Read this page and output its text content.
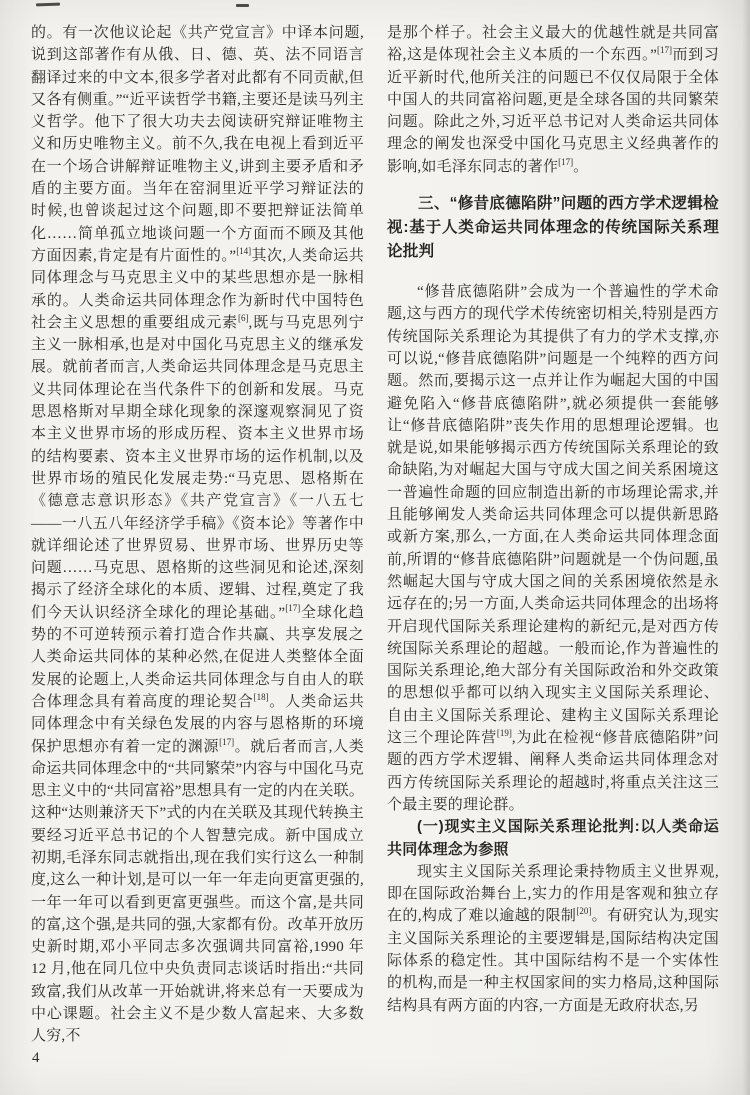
的。有一次他议论起《共产党宣言》中译本问题,说到这部著作有从俄、日、德、英、法不同语言翻译过来的中文本,很多学者对此都有不同贡献,但又各有侧重。”“近平读哲学书籍,主要还是读马列主义哲学。他下了很大功夫去阅读研究辩证唯物主义和历史唯物主义。前不久,我在电视上看到近平在一个场合讲解辩证唯物主义,讲到主要矛盾和矛盾的主要方面。当年在窑洞里近平学习辩证法的时候,也曾谈起过这个问题,即不要把辩证法简单化……简单孤立地谈问题一个方面而不顾及其他方面因素,肯定是有片面性的。”[14]其次,人类命运共同体理念与马克思主义中的某些思想亦是一脉相承的。人类命运共同体理念作为新时代中国特色社会主义思想的重要组成元素[6],既与马克思列宁主义一脉相承,也是对中国化马克思主义的继承发展。就前者而言,人类命运共同体理念是马克思主义共同体理论在当代条件下的创新和发展。马克思恩格斯对早期全球化现象的深邃观察洞见了资本主义世界市场的形成历程、资本主义世界市场的结构要素、资本主义世界市场的运作机制,以及世界市场的殖民化发展走势:“马克思、恩格斯在《德意志意识形态》《共产党宣言》《一八五七——一八五八年经济学手稿》《资本论》等著作中就详细论述了世界贸易、世界市场、世界历史等问题……马克思、恩格斯的这些洞见和论述,深刻揭示了经济全球化的本质、逻辑、过程,奠定了我们今天认识经济全球化的理论基础。”[17]全球化趋势的不可逆转预示着打造合作共赢、共享发展之人类命运共同体的某种必然,在促进人类整体全面发展的论题上,人类命运共同体理念与自由人的联合体理念具有着高度的理论契合[18]。人类命运共同体理念中有关绿色发展的内容与恩格斯的环境保护思想亦有着一定的渊源[17]。就后者而言,人类命运共同体理念中的“共同繁荣”内容与中国化马克思主义中的“共同富裕”思想具有一定的内在关联。这种“达则兼济天下”式的内在关联及其现代转换主要经习近平总书记的个人智慧完成。新中国成立初期,毛泽东同志就指出,现在我们实行这么一种制度,这么一种计划,是可以一年一年走向更富更强的,一年一年可以看到更富更强些。而这个富,是共同的富,这个强,是共同的强,大家都有份。改革开放历史新时期,邓小平同志多次强调共同富裕,1990 年 12 月,他在同几位中央负责同志谈话时指出:“共同致富,我们从改革一开始就讲,将来总有一天要成为中心课题。社会主义不是少数人富起来、大多数人穷,不

是那个样子。社会主义最大的优越性就是共同富裕,这是体现社会主义本质的一个东西。”[17]而到习近平新时代,他所关注的问题已不仅仅局限于全体中国人的共同富裕问题,更是全球各国的共同繁荣问题。除此之外,习近平总书记对人类命运共同体理念的阐发也深受中国化马克思主义经典著作的影响,如毛泽东同志的著作[17]。

三、“修昔底德陷阱”问题的西方学术逻辑检视:基于人类命运共同体理念的传统国际关系理论批判

“修昔底德陷阱”会成为一个普遍性的学术命题,这与西方的现代学术传统密切相关,特别是西方传统国际关系理论为其提供了有力的学术支撑,亦可以说,“修昔底德陷阱”问题是一个纯粹的西方问题。然而,要揭示这一点并让作为崛起大国的中国避免陷入“修昔底德陷阱”,就必须提供一套能够让“修昔底德陷阱”丧失作用的思想理论逻辑。也就是说,如果能够揭示西方传统国际关系理论的致命缺陷,为对崛起大国与守成大国之间关系困境这一普遍性命题的回应制造出新的市场理论需求,并且能够阐发人类命运共同体理念可以提供新思路或新方案,那么,一方面,在人类命运共同体理念面前,所谓的“修昔底德陷阱”问题就是一个伪问题,虽然崛起大国与守成大国之间的关系困境依然是永远存在的;另一方面,人类命运共同体理念的出场将开启现代国际关系理论建构的新纪元,是对西方传统国际关系理论的超越。一般而论,作为普遍性的国际关系理论,绝大部分有关国际政治和外交政策的思想似乎都可以纳入现实主义国际关系理论、自由主义国际关系理论、建构主义国际关系理论这三个理论阵营[19],为此在检视“修昔底德陷阱”问题的西方学术逻辑、阐释人类命运共同体理念对西方传统国际关系理论的超越时,将重点关注这三个最主要的理论群。

(一)现实主义国际关系理论批判:以人类命运共同体理念为参照

现实主义国际关系理论秉持物质主义世界观,即在国际政治舞台上,实力的作用是客观和独立存在的,构成了难以逾越的限制[20]。有研究认为,现实主义国际关系理论的主要逻辑是,国际结构决定国际体系的稳定性。其中国际结构不是一个实体性的机构,而是一种主权国家间的实力格局,这种国际结构具有两方面的内容,一方面是无政府状态,另

4
